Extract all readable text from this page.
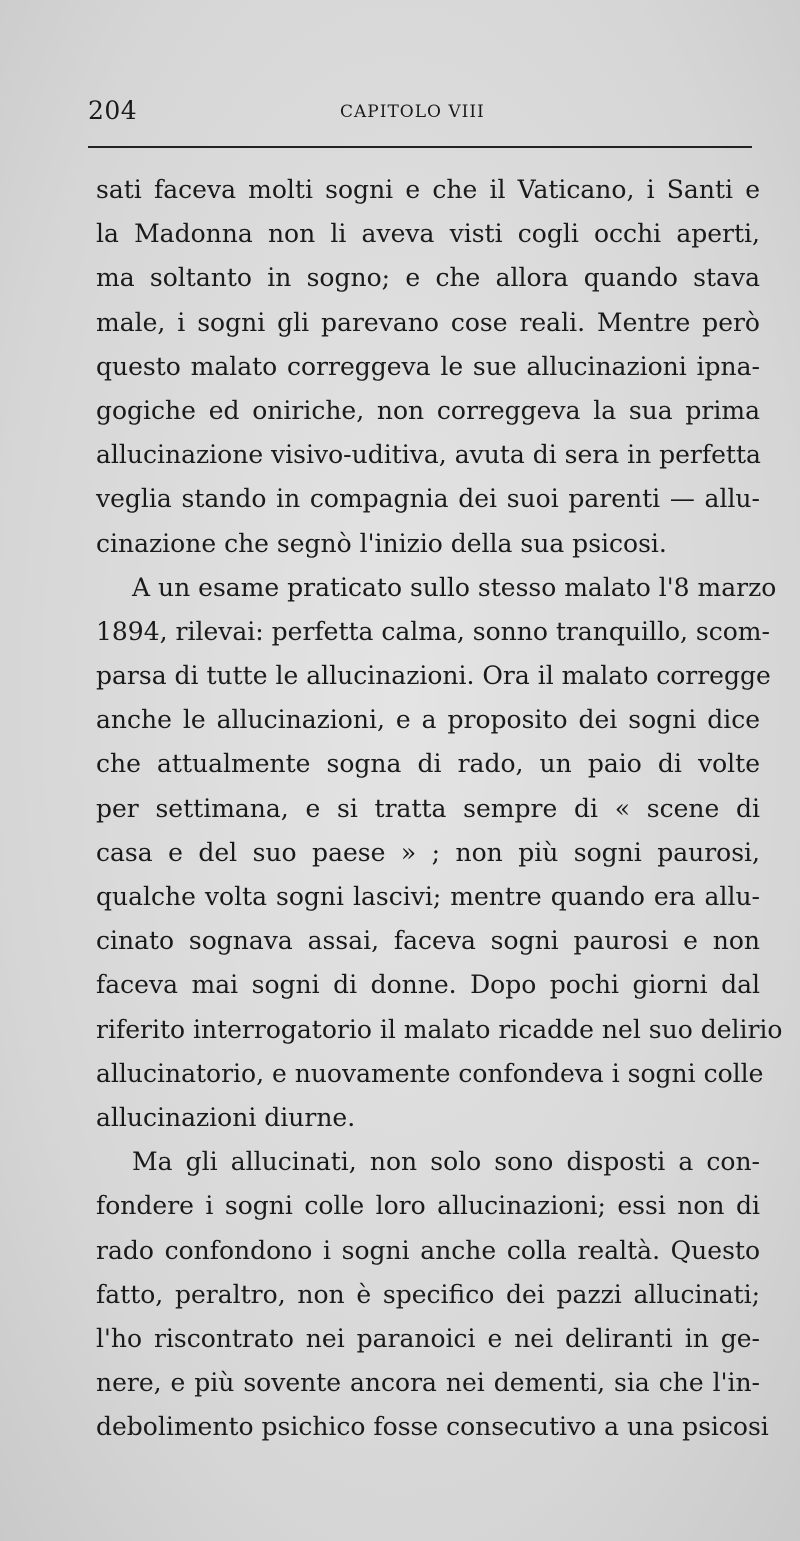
204	CAPITOLO VIII
sati faceva molti sogni e che il Vaticano, i Santi e
la Madonna non li aveva visti cogli occhi aperti,
ma soltanto in sogno; e che allora quando stava
male, i sogni gli parevano cose reali. Mentre però
questo malato correggeva le sue allucinazioni ipna-
gogiche ed oniriche, non correggeva la sua prima
allucinazione visivo-uditiva, avuta di sera in perfetta
veglia stando in compagnia dei suoi parenti — allu-
cinazione che segnò l'inizio della sua psicosi.
A un esame praticato sullo stesso malato l'8 marzo
1894, rilevai: perfetta calma, sonno tranquillo, scom-
parsa di tutte le allucinazioni. Ora il malato corregge
anche le allucinazioni, e a proposito dei sogni dice
che attualmente sogna di rado, un paio di volte
per settimana, e si tratta sempre di « scene di
casa e del suo paese » ; non più sogni paurosi,
qualche volta sogni lascivi; mentre quando era allu-
cinato sognava assai, faceva sogni paurosi e non
faceva mai sogni di donne. Dopo pochi giorni dal
riferito interrogatorio il malato ricadde nel suo delirio
allucinatorio, e nuovamente confondeva i sogni colle
allucinazioni diurne.
Ma gli allucinati, non solo sono disposti a con-
fondere i sogni colle loro allucinazioni; essi non di
rado confondono i sogni anche colla realtà. Questo
fatto, peraltro, non è specifico dei pazzi allucinati;
l'ho riscontrato nei paranoici e nei deliranti in ge-
nere, e più sovente ancora nei dementi, sia che l'in-
debolimento psichico fosse consecutivo a una psicosi
